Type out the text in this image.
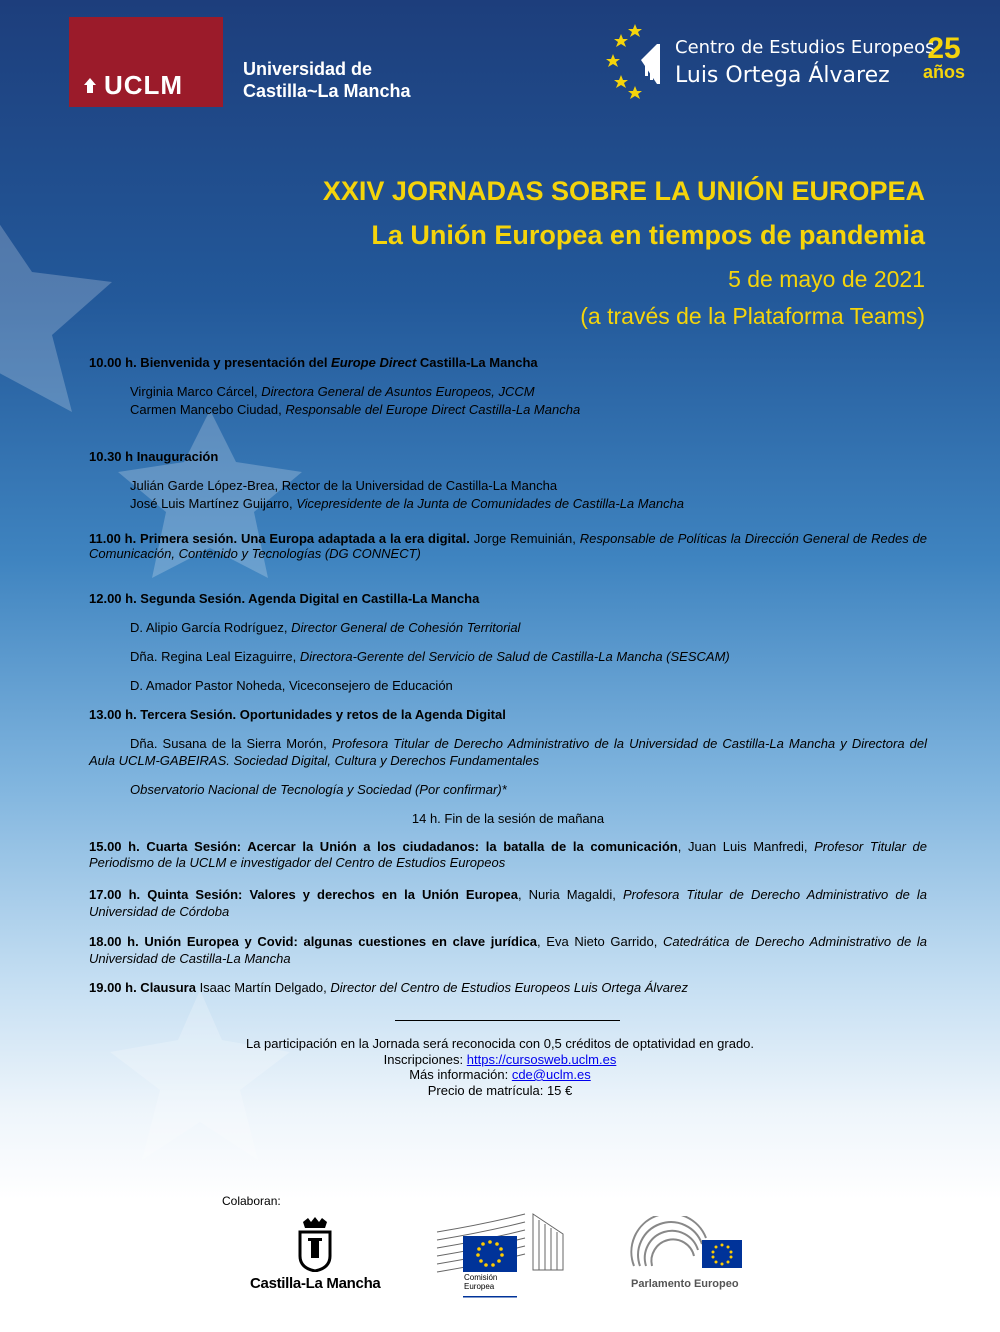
UCLM
Universidad de
Castilla~La Mancha
Centro de Estudios Europeos
Luis Ortega Álvarez
25
años
XXIV JORNADAS SOBRE LA UNIÓN EUROPEA
La Unión Europea en tiempos de pandemia
5 de mayo de 2021
(a través de la Plataforma Teams)
10.00 h. Bienvenida y presentación del Europe Direct Castilla-La Mancha
Virginia Marco Cárcel, Directora General de Asuntos Europeos, JCCM
Carmen Mancebo Ciudad, Responsable del Europe Direct Castilla-La Mancha
10.30 h Inauguración
Julián Garde López-Brea, Rector de la Universidad de Castilla-La Mancha
José Luis Martínez Guijarro, Vicepresidente de la Junta de Comunidades de Castilla-La Mancha
11.00 h. Primera sesión. Una Europa adaptada a la era digital. Jorge Remuinián, Responsable de Políticas la Dirección General de Redes de Comunicación, Contenido y Tecnologías (DG CONNECT)
12.00 h. Segunda Sesión. Agenda Digital en Castilla-La Mancha
D. Alipio García Rodríguez, Director General de Cohesión Territorial
Dña. Regina Leal Eizaguirre, Directora-Gerente del Servicio de Salud de Castilla-La Mancha (SESCAM)
D. Amador Pastor Noheda, Viceconsejero de Educación
13.00 h. Tercera Sesión. Oportunidades y retos de la Agenda Digital
Dña. Susana de la Sierra Morón, Profesora Titular de Derecho Administrativo de la Universidad de Castilla-La Mancha y Directora del Aula UCLM-GABEIRAS. Sociedad Digital, Cultura y Derechos Fundamentales
Observatorio Nacional de Tecnología y Sociedad (Por confirmar)*
14 h. Fin de la sesión de mañana
15.00 h. Cuarta Sesión: Acercar la Unión a los ciudadanos: la batalla de la comunicación, Juan Luis Manfredi, Profesor Titular de Periodismo de la UCLM e investigador del Centro de Estudios Europeos
17.00 h. Quinta Sesión: Valores y derechos en la Unión Europea, Nuria Magaldi, Profesora Titular de Derecho Administrativo de la Universidad de Córdoba
18.00 h. Unión Europea y Covid: algunas cuestiones en clave jurídica, Eva Nieto Garrido, Catedrática de Derecho Administrativo de la Universidad de Castilla-La Mancha
19.00 h. Clausura Isaac Martín Delgado, Director del Centro de Estudios Europeos Luis Ortega Álvarez
La participación en la Jornada será reconocida con 0,5 créditos de optatividad en grado.
Inscripciones: https://cursosweb.uclm.es
Más información: cde@uclm.es
Precio de matrícula: 15 €
Colaboran:
Castilla-La Mancha	Comisión
Europea	Parlamento Europeo
